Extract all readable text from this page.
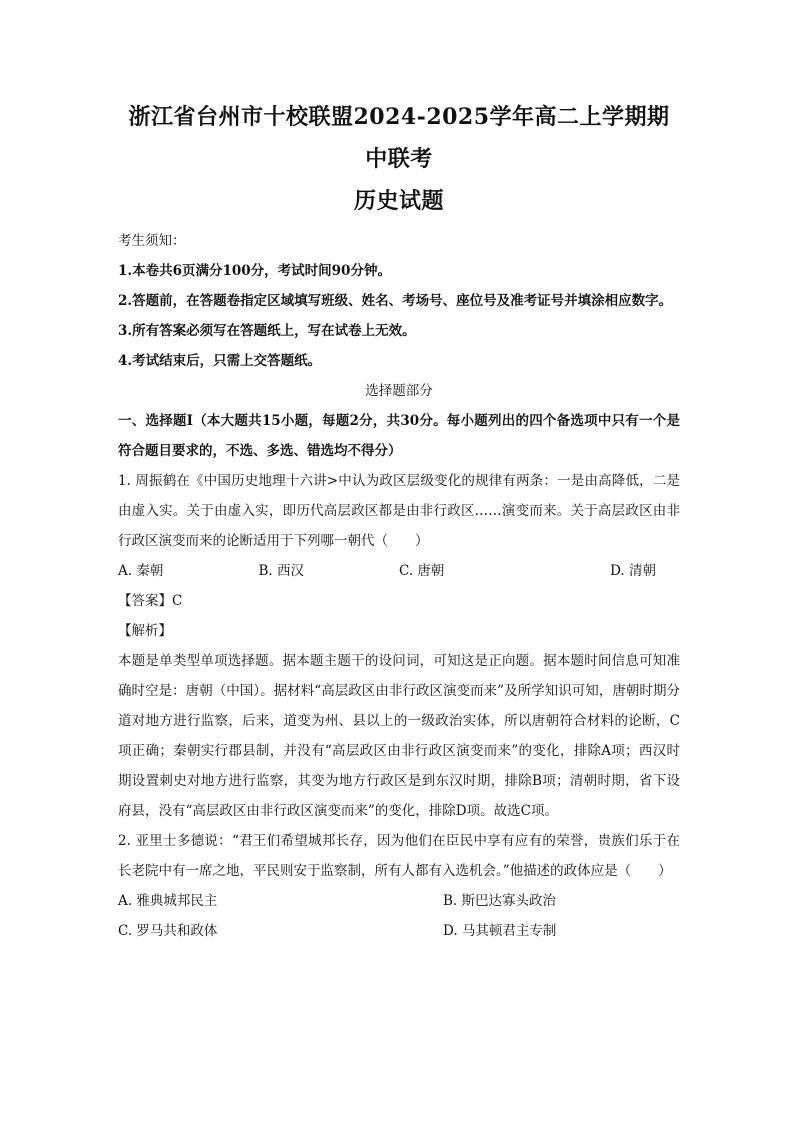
浙江省台州市十校联盟2024-2025学年高二上学期期中联考
历史试题

考生须知：

1.本卷共6页满分100分，考试时间90分钟。

2.答题前，在答题卷指定区域填写班级、姓名、考场号、座位号及准考证号并填涂相应数字。

3.所有答案必须写在答题纸上，写在试卷上无效。

4.考试结束后，只需上交答题纸。

选择题部分

一、选择题Ⅰ（本大题共15小题，每题2分，共30分。每小题列出的四个备选项中只有一个是符合题目要求的，不选、多选、错选均不得分）

1. 周振鹤在《中国历史地理十六讲>中认为政区层级变化的规律有两条：一是由高降低，二是由虚入实。关于由虚入实，即历代高层政区都是由非行政区……演变而来。关于高层政区由非行政区演变而来的论断适用于下列哪一朝代（　　）

A. 秦朝	B. 西汉	C. 唐朝	D. 清朝

【答案】C

【解析】

本题是单类型单项选择题。据本题主题干的设问词，可知这是正向题。据本题时间信息可知准确时空是：唐朝（中国）。据材料“高层政区由非行政区演变而来”及所学知识可知，唐朝时期分道对地方进行监察，后来，道变为州、县以上的一级政治实体，所以唐朝符合材料的论断，C项正确；秦朝实行郡县制，并没有“高层政区由非行政区演变而来”的变化，排除A项；西汉时期设置刺史对地方进行监察，其变为地方行政区是到东汉时期，排除B项；清朝时期，省下设府县，没有“高层政区由非行政区演变而来”的变化，排除D项。故选C项。

2. 亚里士多德说：“君王们希望城邦长存，因为他们在臣民中享有应有的荣誉，贵族们乐于在长老院中有一席之地，平民则安于监察制，所有人都有入选机会。”他描述的政体应是（　　）

A. 雅典城邦民主	B. 斯巴达寡头政治
C. 罗马共和政体	D. 马其顿君主专制
